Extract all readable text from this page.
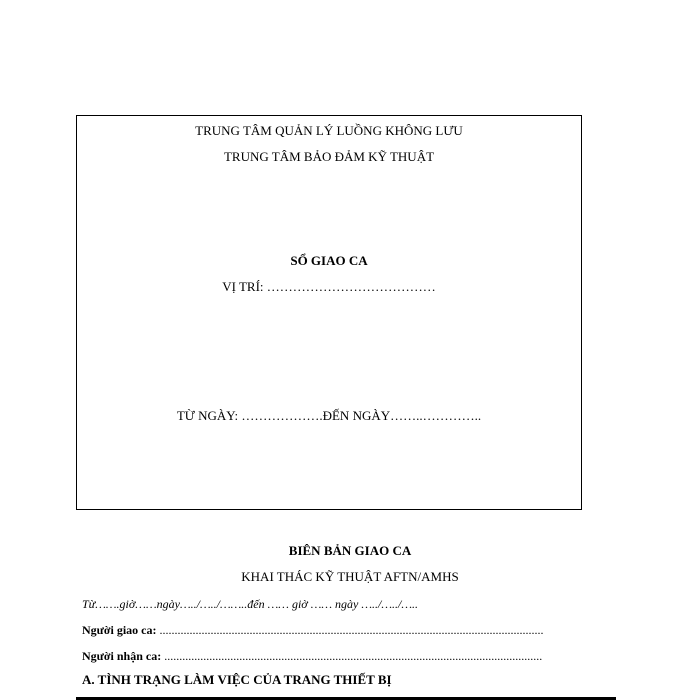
TRUNG TÂM QUẢN LÝ LUỒNG KHÔNG LƯU
TRUNG TÂM BẢO ĐẢM KỸ THUẬT
SỔ GIAO CA
VỊ TRÍ: …………………………………
TỪ NGÀY: ……………….ĐẾN NGÀY……..…………..
BIÊN BẢN GIAO CA
KHAI THÁC KỸ THUẬT AFTN/AMHS
Từ…….giờ……ngày…../…../……..đến …… giờ …… ngày …../…../…..
Người giao ca: ................................................................................................................................
Người nhận ca: ..............................................................................................................................
A. TÌNH TRẠNG LÀM VIỆC CỦA TRANG THIẾT BỊ
